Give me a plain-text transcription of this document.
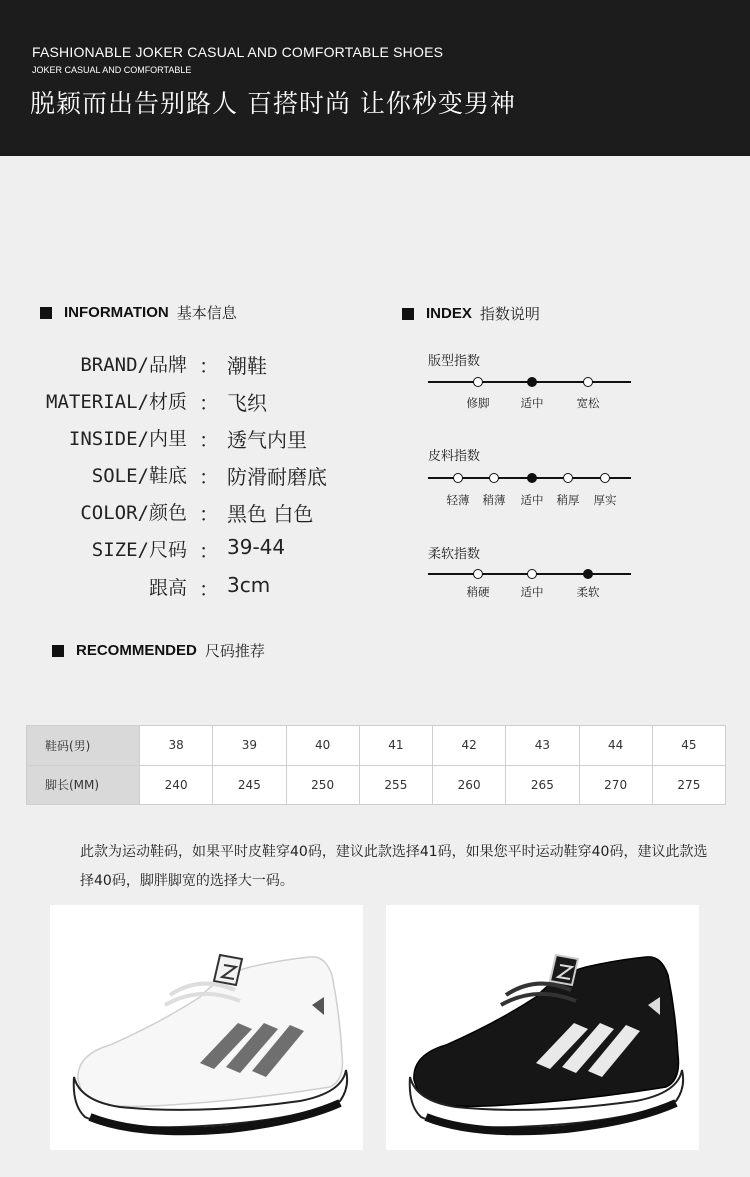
FASHIONABLE JOKER CASUAL AND COMFORTABLE SHOES
JOKER CASUAL AND COMFORTABLE
脱颖而出告别路人 百搭时尚 让你秒变男神
INFORMATION 基本信息
BRAND/品牌 ： 潮鞋
MATERIAL/材质 ： 飞织
INSIDE/内里 ： 透气内里
SOLE/鞋底 ： 防滑耐磨底
COLOR/颜色 ： 黑色 白色
SIZE/尺码 ： 39-44
跟高 ： 3cm
INDEX 指数说明
版型指数
修脚	适中	宽松
皮料指数
轻薄 稍薄 适中 稍厚 厚实
柔软指数
稍硬	适中	柔软
RECOMMENDED 尺码推荐
鞋码(男)	38	39	40	41	42	43	44	45
脚长(MM)	240	245	250	255	260	265	270	275
此款为运动鞋码，如果平时皮鞋穿40码，建议此款选择41码，如果您平时运动鞋穿40码，建议此款选择40码，脚胖脚宽的选择大一码。
